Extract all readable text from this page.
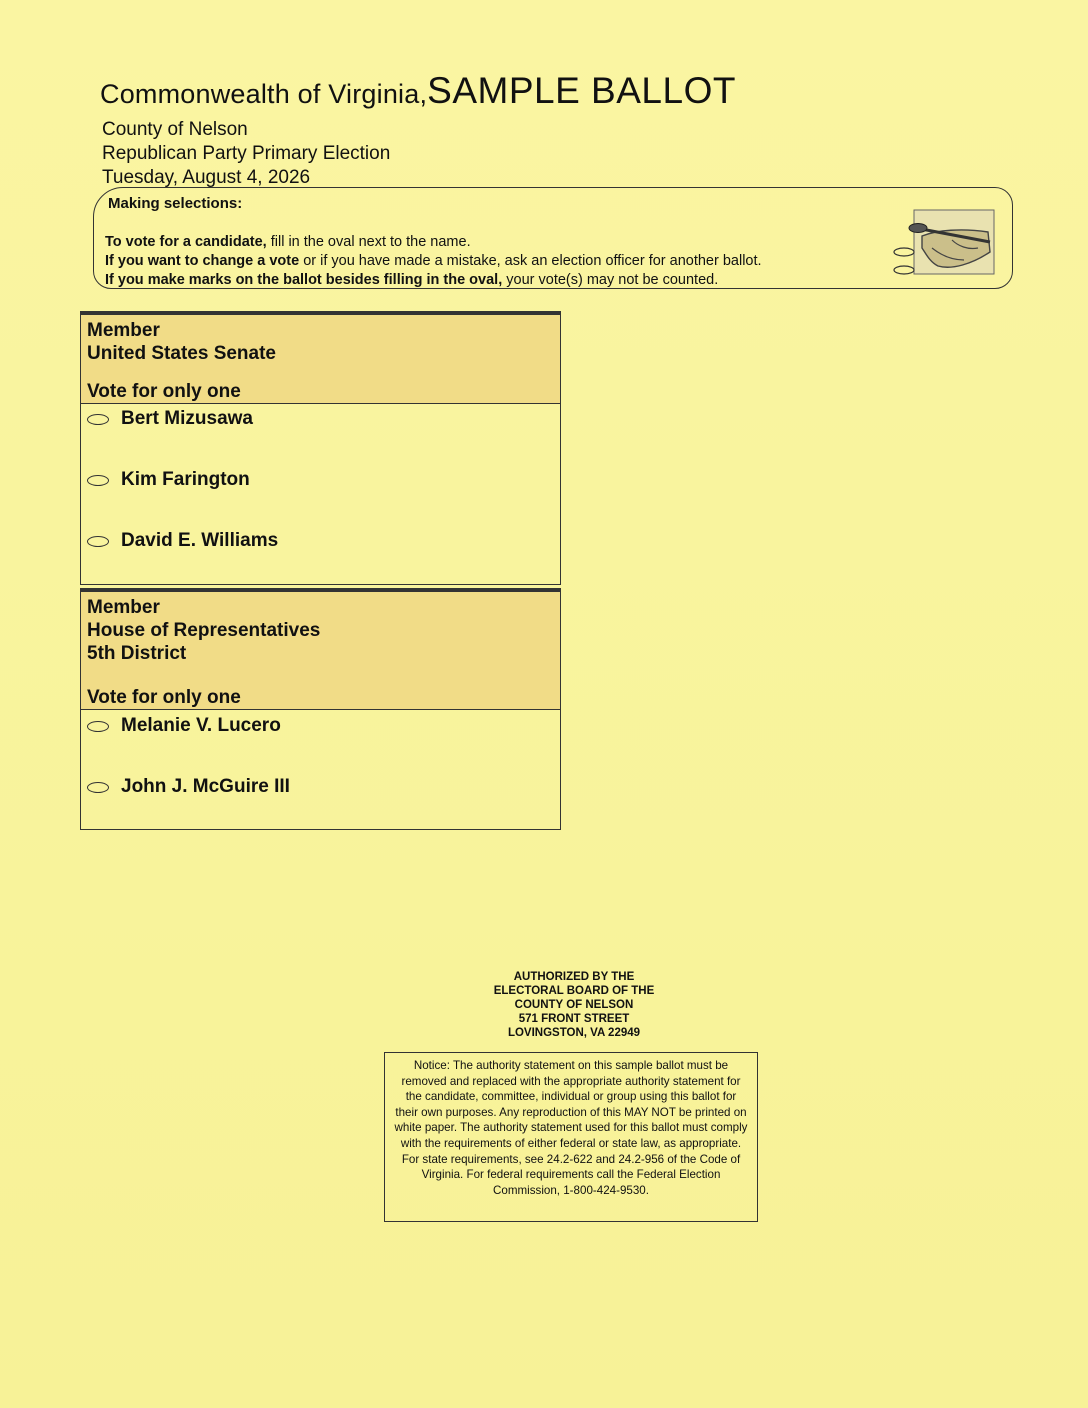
Commonwealth of Virginia,SAMPLE BALLOT
County of Nelson
Republican Party Primary Election
Tuesday, August 4, 2026
Making selections:
To vote for a candidate, fill in the oval next to the name.
If you want to change a vote or if you have made a mistake, ask an election officer for another ballot.
If you make marks on the ballot besides filling in the oval, your vote(s) may not be counted.
Member
United States Senate
Vote for only one
Bert Mizusawa
Kim Farington
David E. Williams
Member
House of Representatives
5th District
Vote for only one
Melanie V. Lucero
John J. McGuire III
AUTHORIZED BY THE
ELECTORAL BOARD OF THE
COUNTY OF NELSON
571 FRONT STREET
LOVINGSTON, VA 22949
Notice: The authority statement on this sample ballot must be removed and replaced with the appropriate authority statement for the candidate, committee, individual or group using this ballot for their own purposes. Any reproduction of this MAY NOT be printed on white paper. The authority statement used for this ballot must comply with the requirements of either federal or state law, as appropriate. For state requirements, see 24.2-622 and 24.2-956 of the Code of Virginia. For federal requirements call the Federal Election Commission, 1-800-424-9530.
